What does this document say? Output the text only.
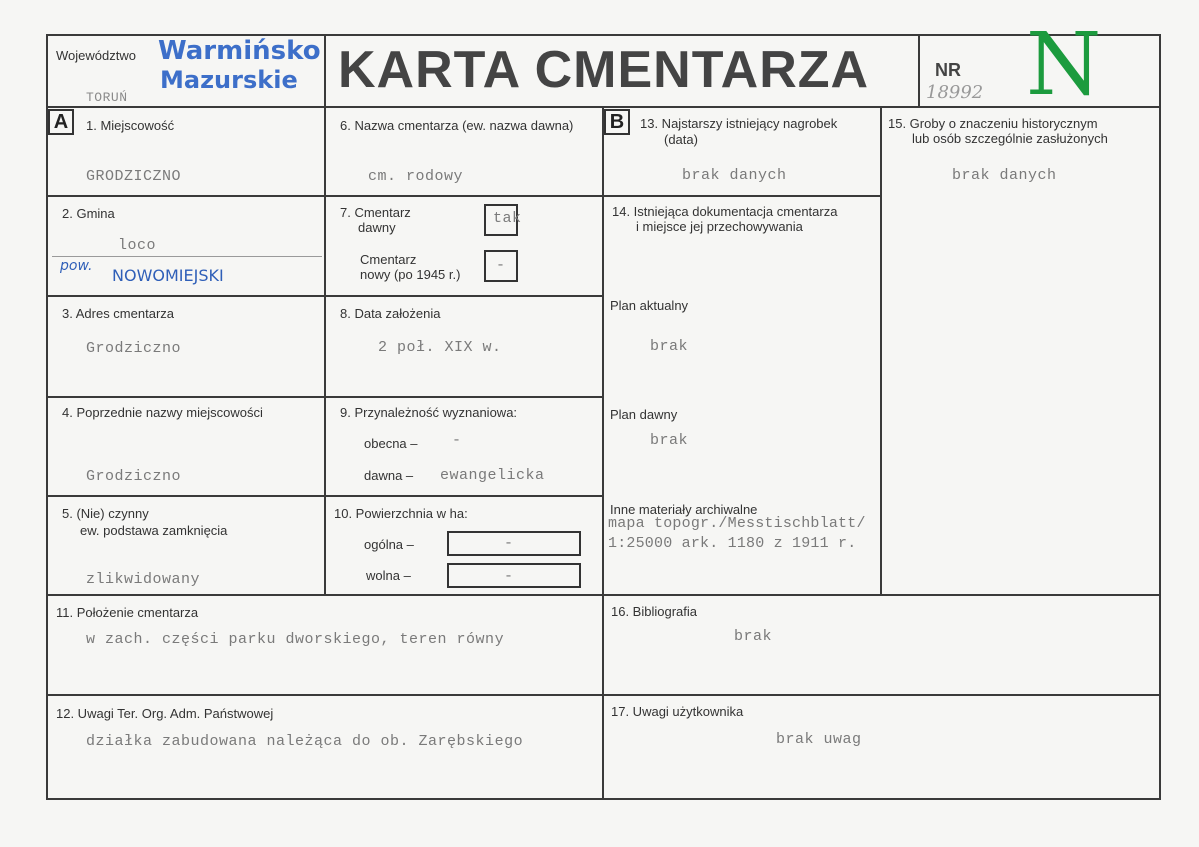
Województwo Warmińsko
Mazurskie
TORUŃ	KARTA CMENTARZA	NR
18992 N
A	B
1. Miejscowość
GRODZICZNO
6. Nazwa cmentarza (ew. nazwa dawna)
cm. rodowy
13. Najstarszy istniejący nagrobek
(data)
brak danych
15. Groby o znaczeniu historycznym
lub osób szczególnie zasłużonych
brak danych
2. Gmina
loco
pow. NOWOMIEJSKI
7. Cmentarz
dawny
tak
Cmentarz
nowy (po 1945 r.)
-
14. Istniejąca dokumentacja cmentarza
i miejsce jej przechowywania
Plan aktualny
brak
Plan dawny
brak
Inne materiały archiwalne
mapa topogr./Messtischblatt/
1:25000 ark. 1180 z 1911 r.
3. Adres cmentarza
Grodziczno
8. Data założenia
2 poł. XIX w.
4. Poprzednie nazwy miejscowości
Grodziczno
9. Przynależność wyznaniowa:
obecna – -
dawna – ewangelicka
5. (Nie) czynny
ew. podstawa zamknięcia
zlikwidowany
10. Powierzchnia w ha:
ogólna –	-
wolna –	-
11. Położenie cmentarza
w zach. części parku dworskiego, teren równy
16. Bibliografia
brak
12. Uwagi Ter. Org. Adm. Państwowej
działka zabudowana należąca do ob. Zarębskiego
17. Uwagi użytkownika
brak uwag
